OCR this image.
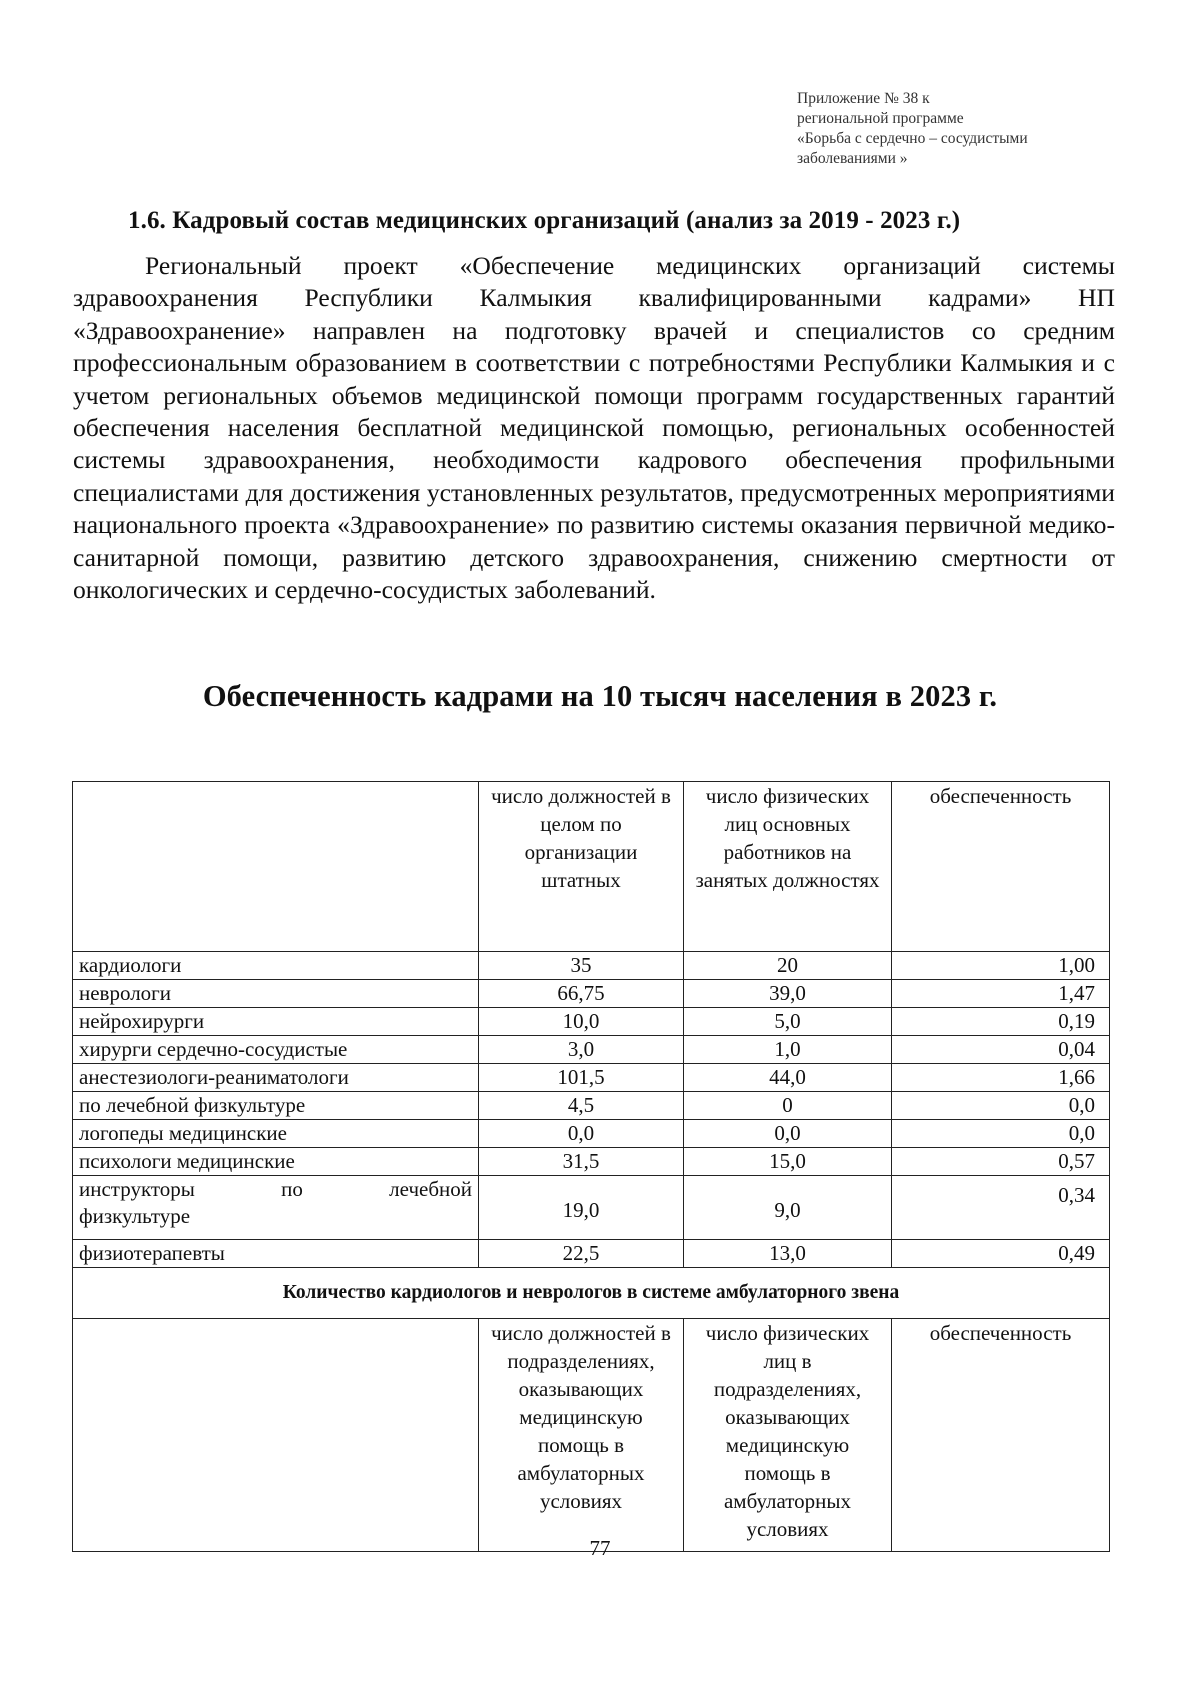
Приложение № 38 к
региональной программе
«Борьба с сердечно – сосудистыми
заболеваниями »
1.6. Кадровый состав медицинских организаций (анализ за 2019 - 2023 г.)

Региональный проект «Обеспечение медицинских организаций системы здравоохранения Республики Калмыкия квалифицированными кадрами» НП «Здравоохранение» направлен на подготовку врачей и специалистов со средним профессиональным образованием в соответствии с потребностями Республики Калмыкия и с учетом региональных объемов медицинской помощи программ государственных гарантий обеспечения населения бесплатной медицинской помощью, региональных особенностей системы здравоохранения, необходимости кадрового обеспечения профильными специалистами для достижения установленных результатов, предусмотренных мероприятиями национального проекта «Здравоохранение» по развитию системы оказания первичной медико-санитарной помощи, развитию детского здравоохранения, снижению смертности от онкологических и сердечно-сосудистых заболеваний.

Обеспеченность кадрами на 10 тысяч населения в 2023 г.
	число должностей в целом по организации штатных	число физических лиц основных работников на занятых должностях	обеспеченность
кардиологи	35	20	1,00
неврологи	66,75	39,0	1,47
нейрохирурги	10,0	5,0	0,19
хирурги сердечно-сосудистые	3,0	1,0	0,04
анестезиологи-реаниматологи	101,5	44,0	1,66
по лечебной физкультуре	4,5	0	0,0
логопеды медицинские	0,0	0,0	0,0
психологи медицинские	31,5	15,0	0,57

инструкторы по лечебной
физкультуре	19,0	9,0	0,34
физиотерапевты	22,5	13,0	0,49
Количество кардиологов и неврологов в системе амбулаторного звена			
	число должностей в подразделениях, оказывающих медицинскую помощь в амбулаторных условиях	число физических лиц в подразделениях, оказывающих медицинскую помощь в амбулаторных условиях	обеспеченность
77
